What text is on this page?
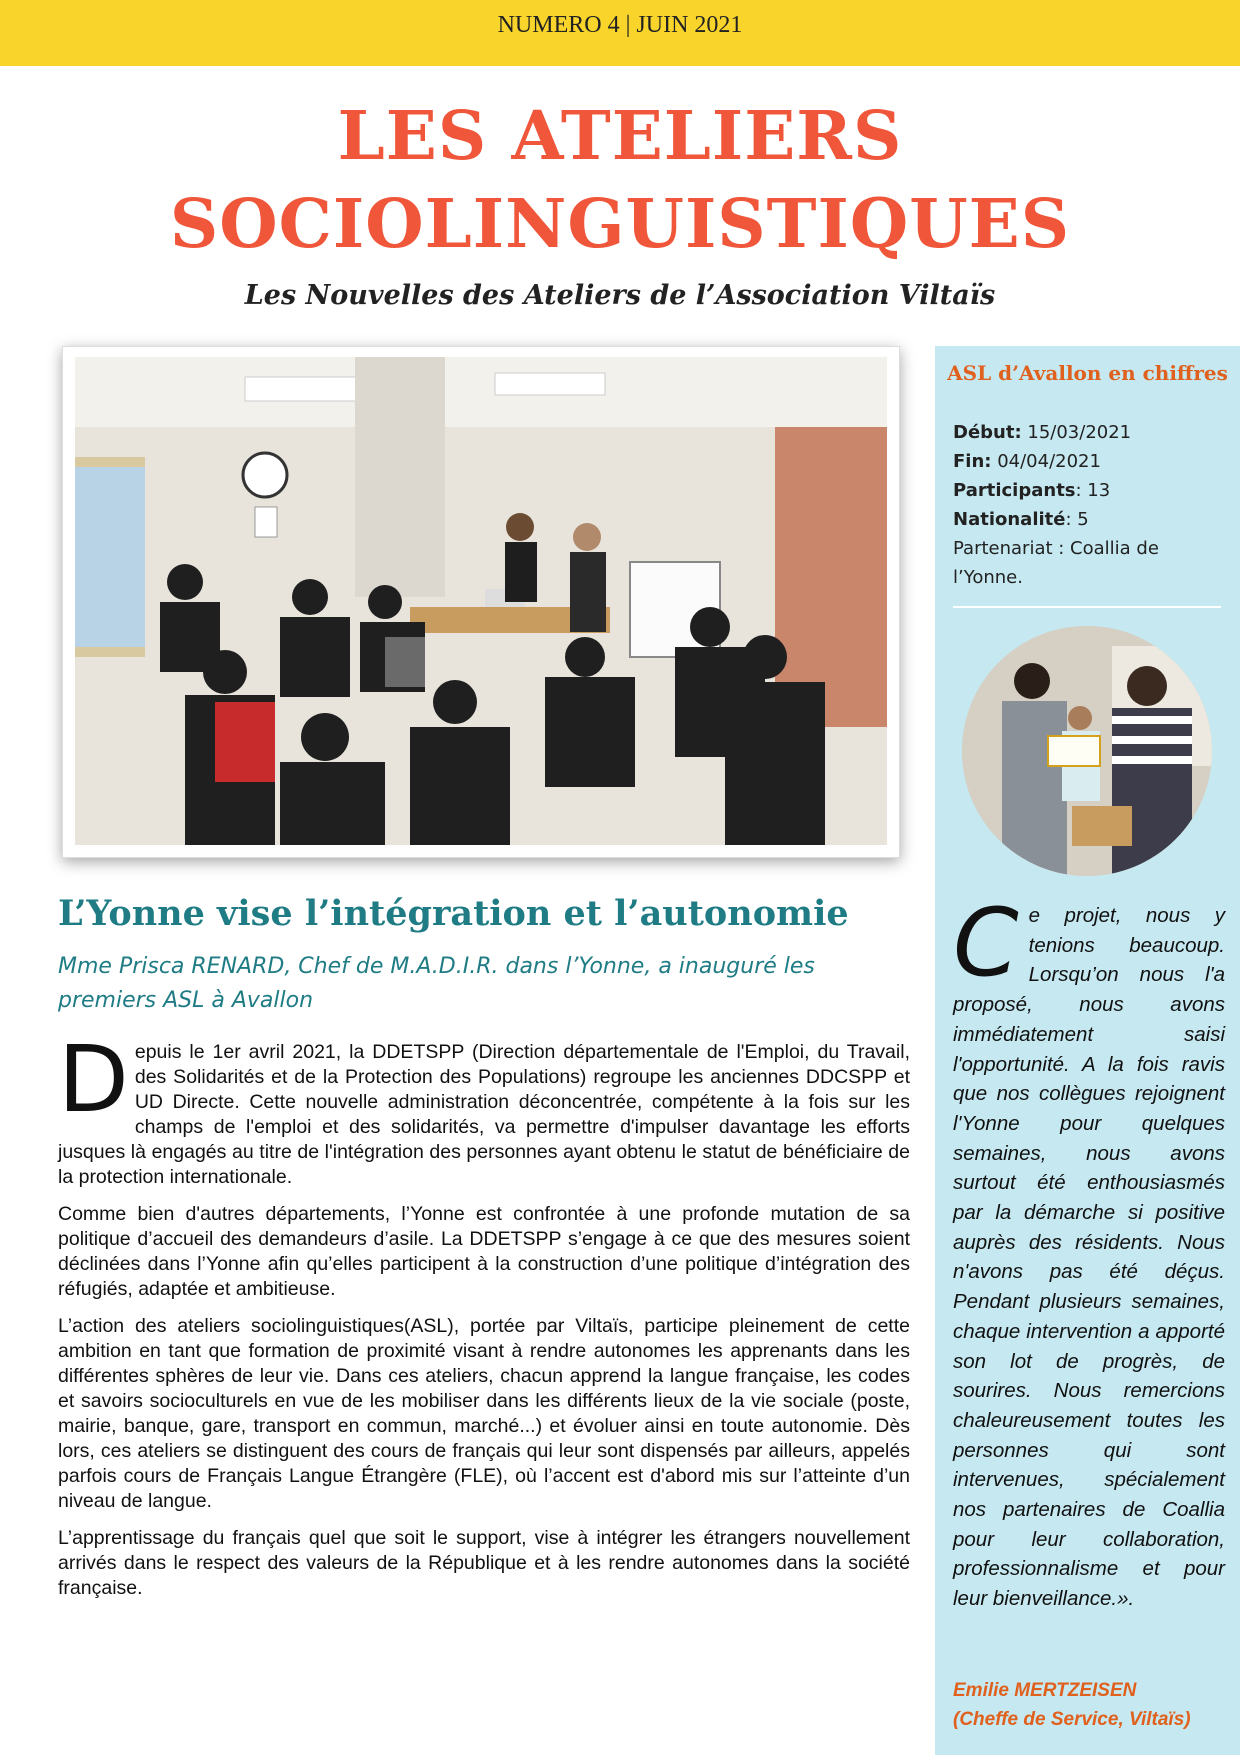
NUMERO 4 | JUIN 2021
LES ATELIERS
SOCIOLINGUISTIQUES
Les Nouvelles des Ateliers de l’Association Viltaïs
ASL d’Avallon en chiffres
Début: 15/03/2021
Fin: 04/04/2021
Participants: 13
Nationalité: 5
Partenariat : Coallia de l’Yonne.
Ce projet, nous y tenions beaucoup. Lorsqu’on nous l'a proposé, nous avons immédiatement saisi l'opportunité. A la fois ravis que nos collègues rejoignent l'Yonne pour quelques semaines, nous avons surtout été enthousiasmés par la démarche si positive auprès des résidents. Nous n'avons pas été déçus. Pendant plusieurs semaines, chaque intervention a apporté son lot de progrès, de sourires. Nous remercions chaleureusement toutes les personnes qui sont intervenues, spécialement nos partenaires de Coallia pour leur collaboration, professionnalisme et pour leur bienveillance.».
Emilie MERTZEISEN
(Cheffe de Service, Viltaïs)
L’Yonne vise l’intégration et l’autonomie
Mme Prisca RENARD, Chef de M.A.D.I.R. dans l’Yonne, a inauguré les premiers ASL à Avallon

Depuis le 1er avril 2021, la DDETSPP (Direction départementale de l'Emploi, du Travail, des Solidarités et de la Protection des Populations) regroupe les anciennes DDCSPP et UD Directe. Cette nouvelle administration déconcentrée, compétente à la fois sur les champs de l'emploi et des solidarités, va permettre d'impulser davantage les efforts jusques là engagés au titre de l'intégration des personnes ayant obtenu le statut de bénéficiaire de la protection internationale.

Comme bien d'autres départements, l’Yonne est confrontée à une profonde mutation de sa politique d’accueil des demandeurs d’asile. La DDETSPP s’engage à ce que des mesures soient déclinées dans l’Yonne afin qu’elles participent à la construction d’une politique d’intégration des réfugiés, adaptée et ambitieuse.

L’action des ateliers sociolinguistiques(ASL), portée par Viltaïs, participe pleinement de cette ambition en tant que formation de proximité visant à rendre autonomes les apprenants dans les différentes sphères de leur vie. Dans ces ateliers, chacun apprend la langue française, les codes et savoirs socioculturels en vue de les mobiliser dans les différents lieux de la vie sociale (poste, mairie, banque, gare, transport en commun, marché...) et évoluer ainsi en toute autonomie. Dès lors, ces ateliers se distinguent des cours de français qui leur sont dispensés par ailleurs, appelés parfois cours de Français Langue Étrangère (FLE), où l’accent est d'abord mis sur l’atteinte d’un niveau de langue.

L’apprentissage du français quel que soit le support, vise à intégrer les étrangers nouvellement arrivés dans le respect des valeurs de la République et à les rendre autonomes dans la société française.
